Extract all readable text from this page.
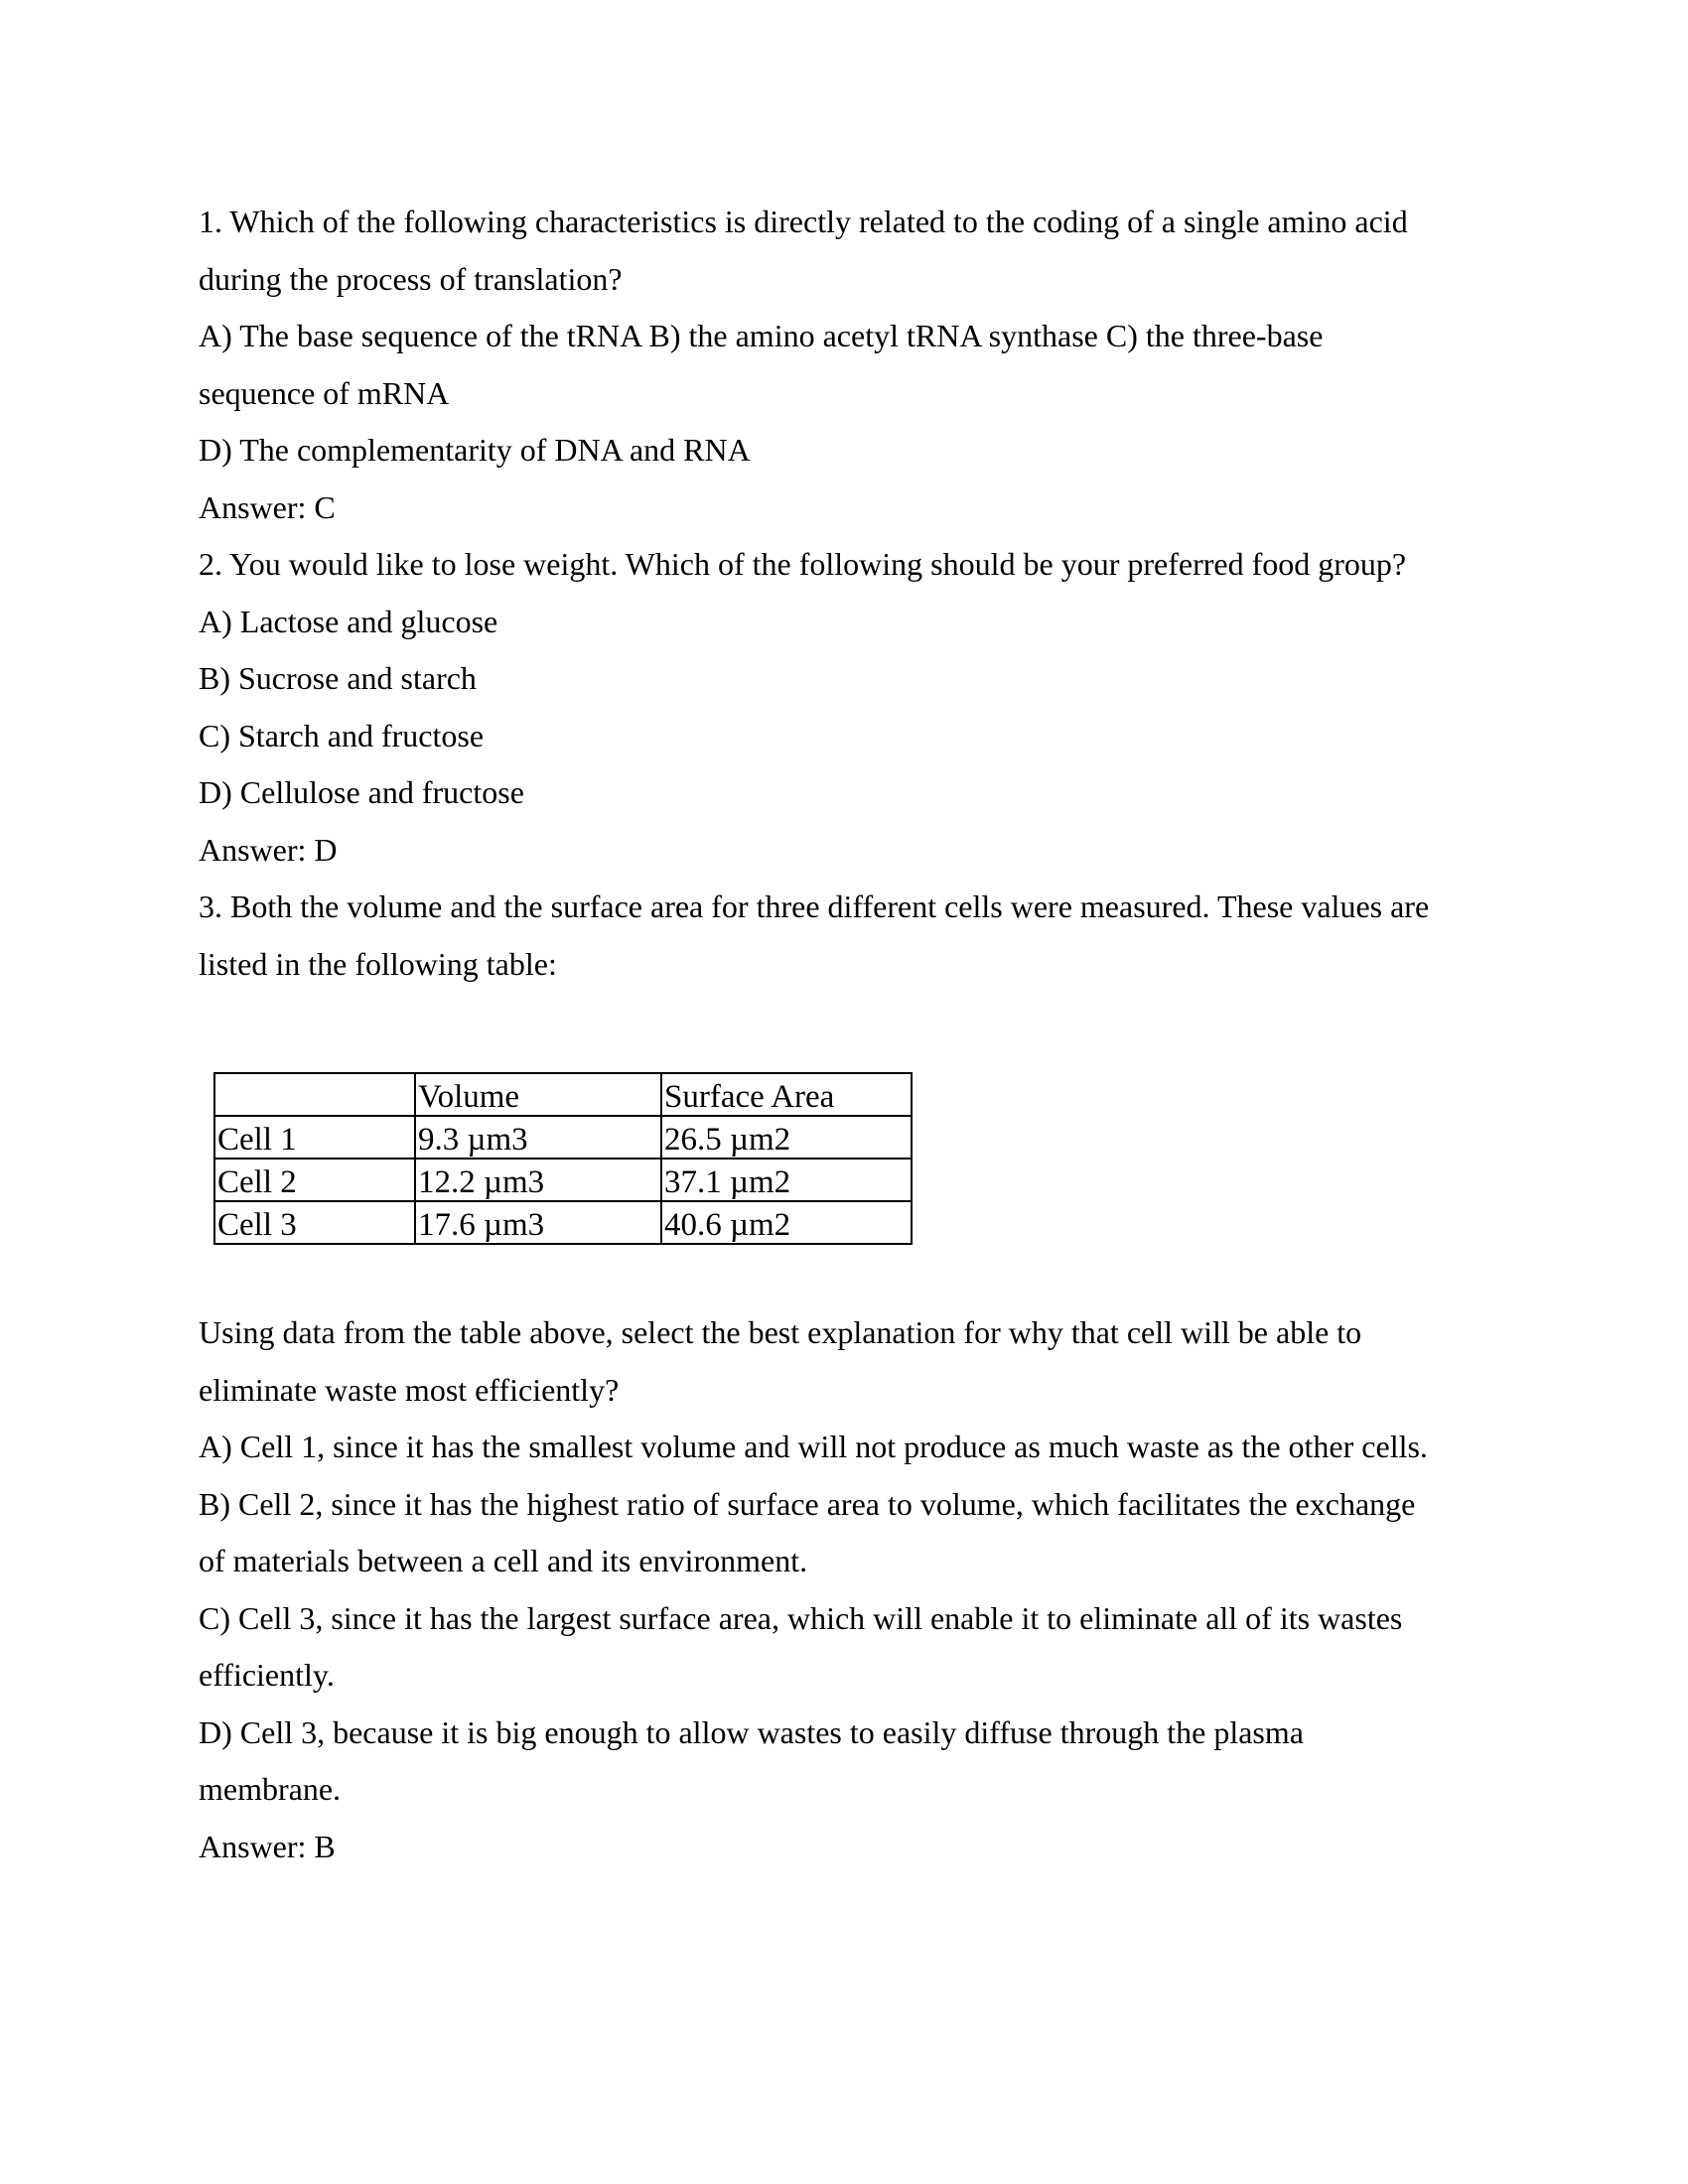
1. Which of the following characteristics is directly related to the coding of a single amino acid
during the process of translation?
A) The base sequence of the tRNA B) the amino acetyl tRNA synthase C) the three-base
sequence of mRNA
D) The complementarity of DNA and RNA
Answer: C
2. You would like to lose weight. Which of the following should be your preferred food group?
A) Lactose and glucose
B) Sucrose and starch
C) Starch and fructose
D) Cellulose and fructose
Answer: D
3. Both the volume and the surface area for three different cells were measured. These values are
listed in the following table:
	Volume	Surface Area
Cell 1	9.3 µm3	26.5 µm2
Cell 2	12.2 µm3	37.1 µm2
Cell 3	17.6 µm3	40.6 µm2
Using data from the table above, select the best explanation for why that cell will be able to
eliminate waste most efficiently?
A) Cell 1, since it has the smallest volume and will not produce as much waste as the other cells.
B) Cell 2, since it has the highest ratio of surface area to volume, which facilitates the exchange
of materials between a cell and its environment.
C) Cell 3, since it has the largest surface area, which will enable it to eliminate all of its wastes
efficiently.
D) Cell 3, because it is big enough to allow wastes to easily diffuse through the plasma
membrane.
Answer: B
